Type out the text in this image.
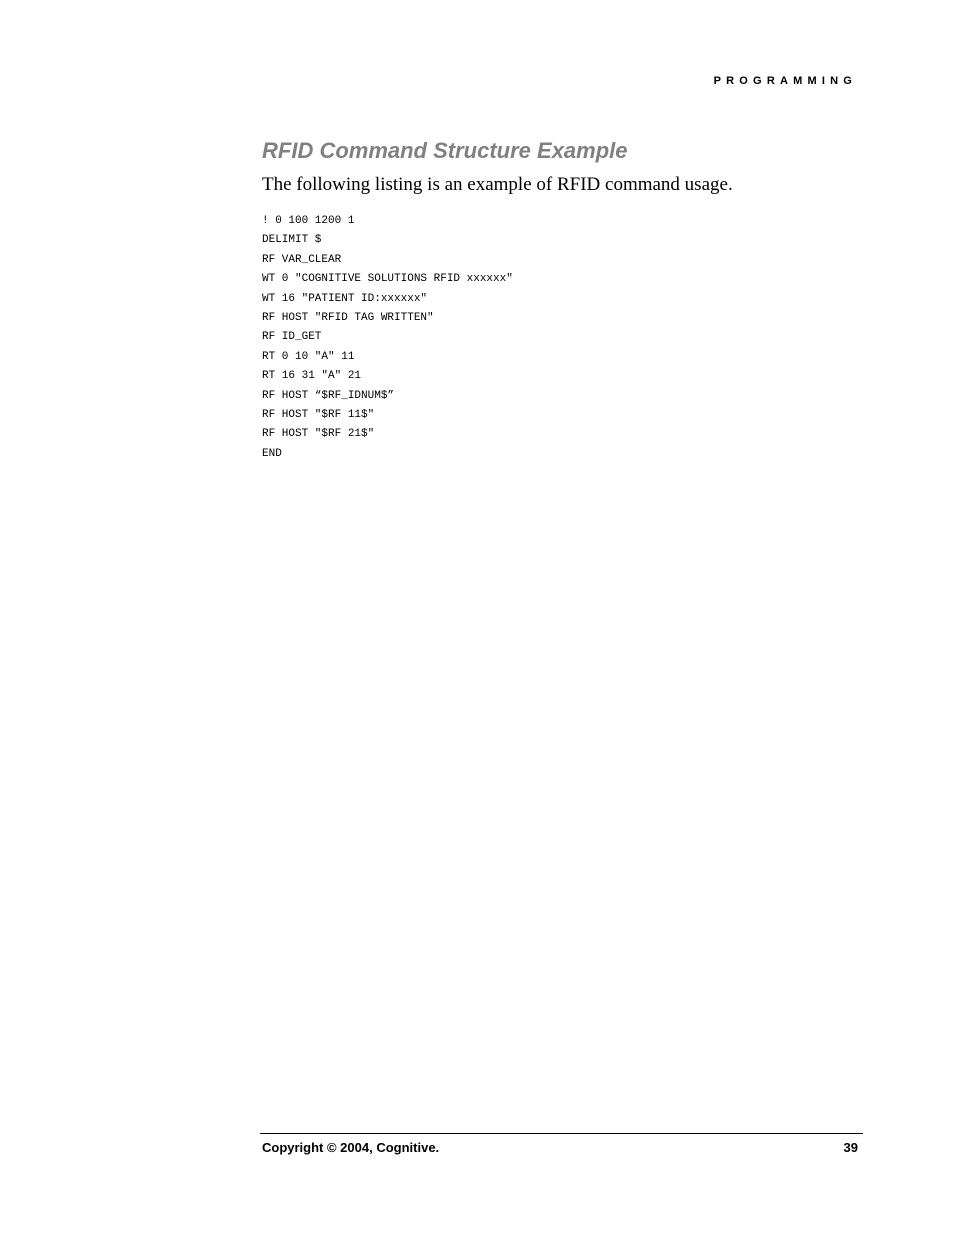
PROGRAMMING
RFID Command Structure Example

The following listing is an example of RFID command usage.

! 0 100 1200 1
DELIMIT $
RF VAR_CLEAR
WT 0 "COGNITIVE SOLUTIONS RFID xxxxxx"
WT 16 "PATIENT ID:xxxxxx"
RF HOST "RFID TAG WRITTEN"
RF ID_GET
RT 0 10 "A" 11
RT 16 31 "A" 21
RF HOST “$RF_IDNUM$”
RF HOST "$RF 11$"
RF HOST "$RF 21$"
END
Copyright © 2004, Cognitive.	39
